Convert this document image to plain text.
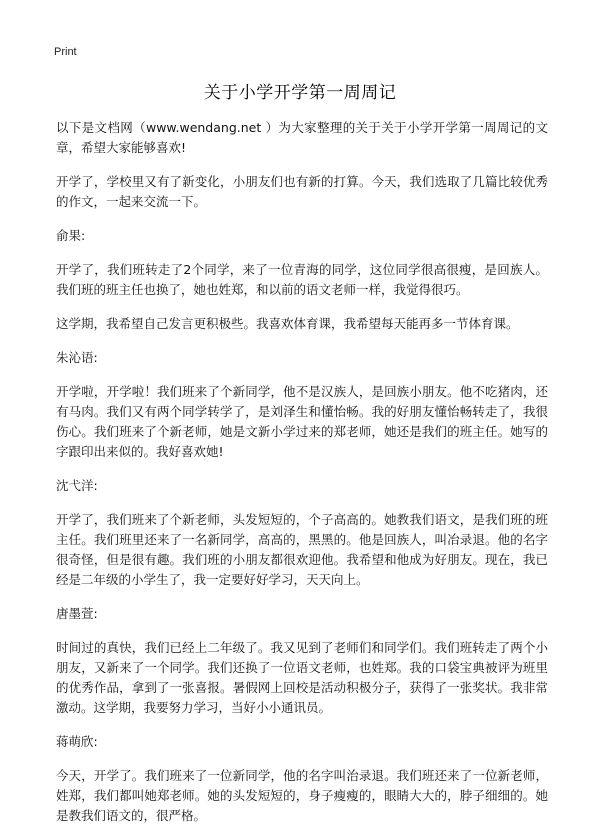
Print
关于小学开学第一周周记

以下是文档网（www.wendang.net ）为大家整理的关于关于小学开学第一周周记的文章，希望大家能够喜欢!

开学了，学校里又有了新变化，小朋友们也有新的打算。今天，我们选取了几篇比较优秀的作文，一起来交流一下。

俞果:

开学了，我们班转走了2个同学，来了一位青海的同学，这位同学很高很瘦，是回族人。我们班的班主任也换了，她也姓郑，和以前的语文老师一样，我觉得很巧。

这学期，我希望自己发言更积极些。我喜欢体育课，我希望每天能再多一节体育课。

朱沁语:

开学啦，开学啦！我们班来了个新同学，他不是汉族人，是回族小朋友。他不吃猪肉，还有马肉。我们又有两个同学转学了，是刘泽生和懂怡畅。我的好朋友懂怡畅转走了，我很伤心。我们班来了个新老师，她是文新小学过来的郑老师，她还是我们的班主任。她写的字跟印出来似的。我好喜欢她!

沈弋洋:

开学了，我们班来了个新老师，头发短短的，个子高高的。她教我们语文，是我们班的班主任。我们班里还来了一名新同学，高高的，黑黑的。他是回族人，叫冶录退。他的名字很奇怪，但是很有趣。我们班的小朋友都很欢迎他。我希望和他成为好朋友。现在，我已经是二年级的小学生了，我一定要好好学习，天天向上。

唐墨萱:

时间过的真快，我们已经上二年级了。我又见到了老师们和同学们。我们班转走了两个小朋友，又新来了一个同学。我们还换了一位语文老师，也姓郑。我的口袋宝典被评为班里的优秀作品，拿到了一张喜报。暑假网上回校是活动积极分子，获得了一张奖状。我非常激动。这学期，我要努力学习，当好小小通讯员。

蒋萌欣:

今天，开学了。我们班来了一位新同学，他的名字叫治录退。我们班还来了一位新老师，姓郑，我们都叫她郑老师。她的头发短短的，身子瘦瘦的，眼睛大大的，脖子细细的。她是教我们语文的，很严格。
